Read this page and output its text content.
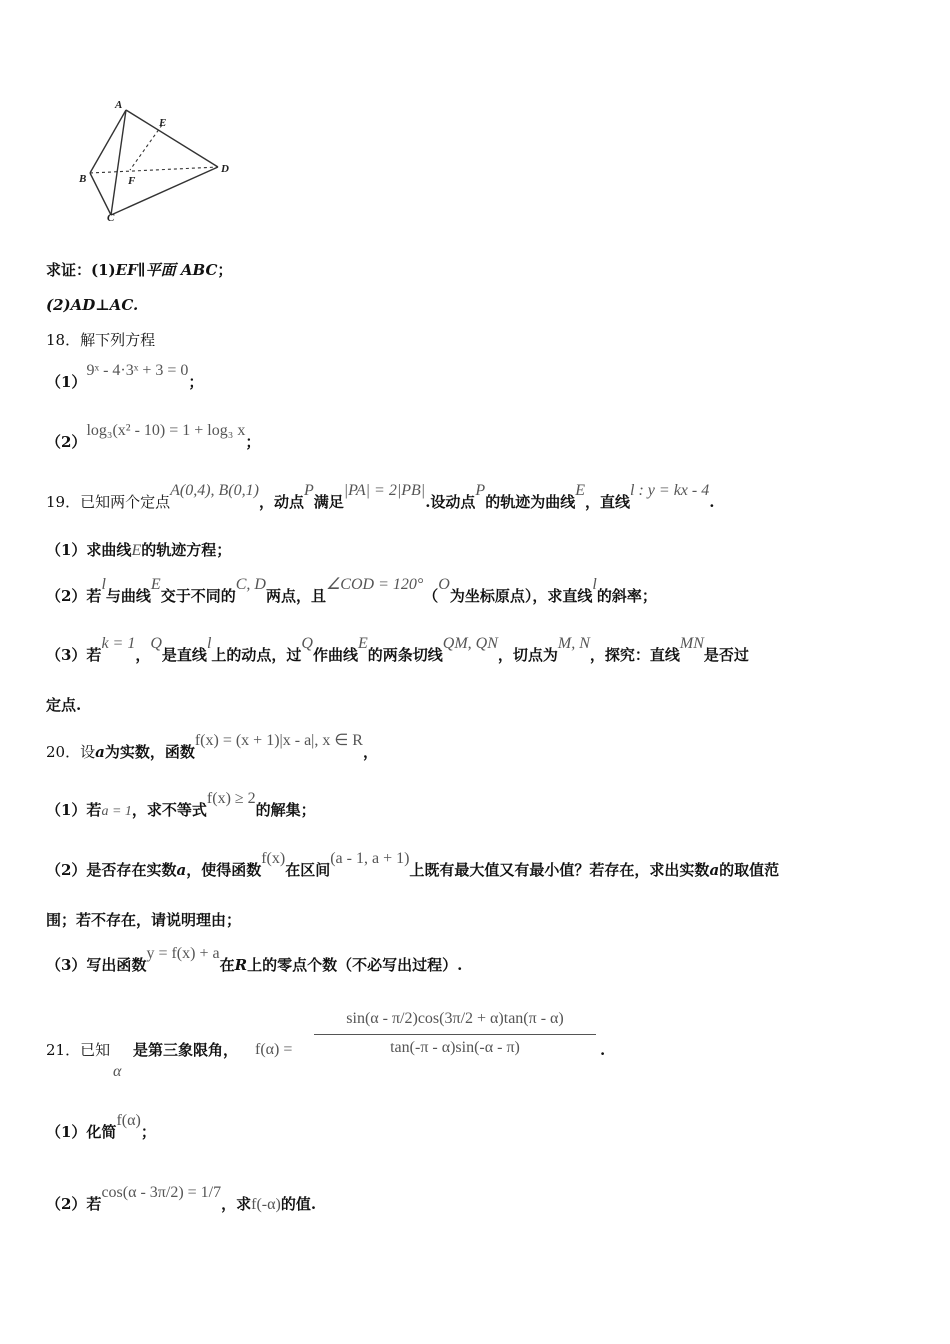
A
E
B	F
D
C
求证：(1)EF∥平面 ABC；
(2)AD⊥AC.
18．解下列方程
（1）9ˣ - 4·3ˣ + 3 = 0；
（2）log₃(x² - 10) = 1 + log₃ x；
19．已知两个定点A(0,4), B(0,1)，动点P满足|PA| = 2|PB|.设动点P的轨迹为曲线E，直线l : y = kx - 4.
（1）求曲线E的轨迹方程；
（2）若l与曲线E交于不同的C, D两点，且∠COD = 120°（O为坐标原点），求直线l的斜率；
（3）若k = 1，Q是直线l上的动点，过Q作曲线E的两条切线QM, QN，切点为M, N，探究：直线MN是否过
定点.
20．设a为实数，函数f(x) = (x + 1)|x - a|, x ∈ R，
（1）若a = 1，求不等式f(x) ≥ 2的解集；
（2）是否存在实数a，使得函数f(x)在区间(a - 1, a + 1)上既有最大值又有最小值？若存在，求出实数a的取值范
围；若不存在，请说明理由；
（3）写出函数y = f(x) + a在R上的零点个数（不必写出过程）.
21．已知
α
是第三象限角， $f(\alpha) = \frac{\sin(\alpha - \pi/2)\cos(3\pi/2 + \alpha)\tan(\pi - \alpha)}{\tan(-\pi - \alpha)\sin(-\alpha - \pi)}$ .
（1）化简f(α)；
（2）若cos(α - 3π/2) = 1/7，求f(-α)的值.
